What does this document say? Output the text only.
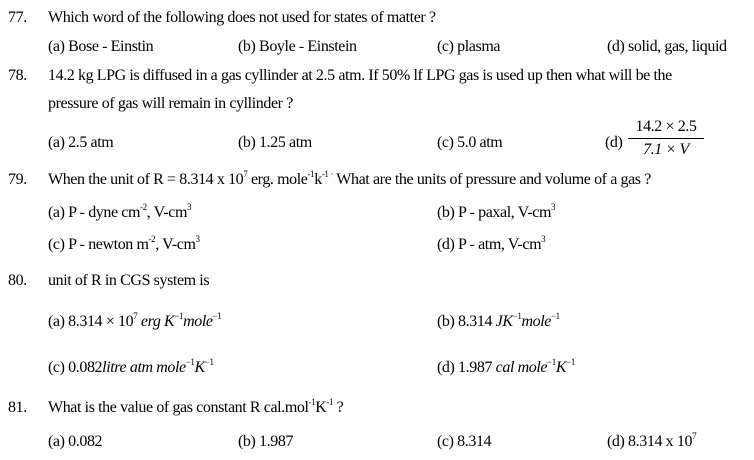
77. Which word of the following does not used for states of matter ?
(a) Bose - Einstin	(b) Boyle - Einstein	(c) plasma	(d) solid, gas, liquid
78. 14.2 kg LPG is diffused in a gas cyllinder at 2.5 atm. If 50% lf LPG gas is used up then what will be the
pressure of gas will remain in cyllinder ?
(a) 2.5 atm	(b) 1.25 atm	(c) 5.0 atm	$(d) \frac{14.2 \times 2.5}{7.1 \times V}$
79. When the unit of R = 8.314 x $10^7$ erg. $mole^{-1}k^{-1 \cdot}$ What are the units of pressure and volume of a gas ?
(a) P - dyne $cm^{-2}$, $V-cm^3$	(b) P - paxal, $V-cm^3$
(c) P - newton $m^{-2}$, $V-cm^3$	(d) P - atm, $V-cm^3$
80. unit of R in CGS system is
(a) $8.314 \times 10^7$ erg $K^{-1}mole^{-1}$	(b) 8.314 $JK^{-1}mole^{-1}$
(c) 0.082litre atm $mole^{-1}K^{-1}$	(d) 1.987 cal $mole^{-1}K^{-1}$
81. What is the value of gas constant R $cal.mol^{-1}K^{-1}$ ?
(a) 0.082	(b) 1.987	(c) 8.314	(d) 8.314 x $10^7$
